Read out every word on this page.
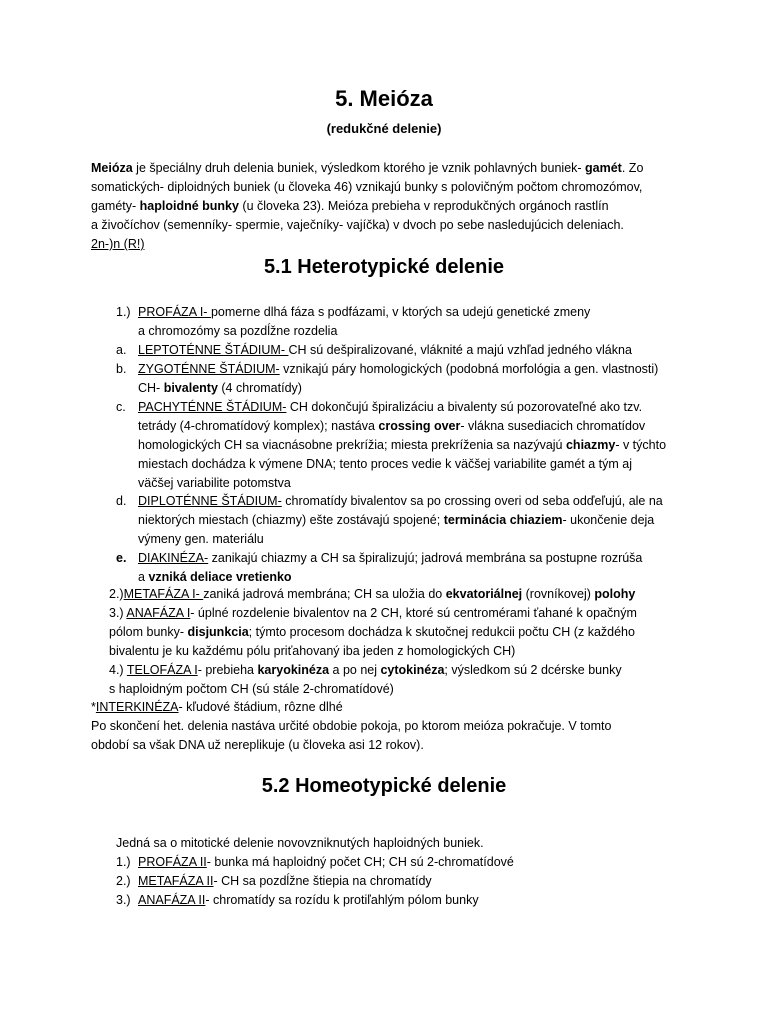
5. Meióza
(redukčné delenie)
Meióza je špeciálny druh delenia buniek, výsledkom ktorého je vznik pohlavných buniek- gamét. Zo
somatických- diploidných buniek (u človeka 46) vznikajú bunky s polovičným počtom chromozómov,
gaméty- haploidné bunky (u človeka 23). Meióza prebieha v reprodukčných orgánoch rastlín
a živočíchov (semenníky- spermie, vaječníky- vajíčka) v dvoch po sebe nasledujúcich deleniach.
2n-)n (R!)
5.1 Heterotypické delenie
1.) PROFÁZA I- pomerne dlhá fáza s podfázami, v ktorých sa udejú genetické zmeny
a chromozómy sa pozdĺžne rozdelia
a. LEPTOTÉNNE ŠTÁDIUM- CH sú dešpiralizované, vláknité a majú vzhľad jedného vlákna
b. ZYGOTÉNNE ŠTÁDIUM- vznikajú páry homologických (podobná morfológia a gen. vlastnosti)
CH- bivalenty (4 chromatídy)
c. PACHYTÉNNE ŠTÁDIUM- CH dokončujú špiralizáciu a bivalenty sú pozorovateľné ako tzv.
tetrády (4-chromatídový komplex); nastáva crossing over- vlákna susediacich chromatídov
homologických CH sa viacnásobne prekrížia; miesta prekríženia sa nazývajú chiazmy- v týchto
miestach dochádza k výmene DNA; tento proces vedie k väčšej variabilite gamét a tým aj
väčšej variabilite potomstva
d. DIPLOTÉNNE ŠTÁDIUM- chromatídy bivalentov sa po crossing overi od seba odďeľujú, ale na
niektorých miestach (chiazmy) ešte zostávajú spojené; terminácia chiaziem- ukončenie deja
výmeny gen. materiálu
e. DIAKINÉZA- zanikajú chiazmy a CH sa špiralizujú; jadrová membrána sa postupne rozrúša
a vzniká deliace vretienko
2.)METAFÁZA I- zaniká jadrová membrána; CH sa uložia do ekvatoriálnej (rovníkovej) polohy
3.) ANAFÁZA I- úplné rozdelenie bivalentov na 2 CH, ktoré sú centromérami ťahané k opačným
pólom bunky- disjunkcia; týmto procesom dochádza k skutočnej redukcii počtu CH (z každého
bivalentu je ku každému pólu priťahovaný iba jeden z homologických CH)
4.) TELOFÁZA I- prebieha karyokinéza a po nej cytokinéza; výsledkom sú 2 dcérske bunky
s haploidným počtom CH (sú stále 2-chromatídové)
*INTERKINÉZA- kľudové štádium, rôzne dlhé
Po skončení het. delenia nastáva určité obdobie pokoja, po ktorom meióza pokračuje. V tomto
období sa však DNA už nereplikuje (u človeka asi 12 rokov).
5.2 Homeotypické delenie
Jedná sa o mitotické delenie novovzniknutých haploidných buniek.
1.) PROFÁZA II- bunka má haploidný počet CH; CH sú 2-chromatídové
2.) METAFÁZA II- CH sa pozdĺžne štiepia na chromatídy
3.) ANAFÁZA II- chromatídy sa rozídu k protiľahlým pólom bunky
